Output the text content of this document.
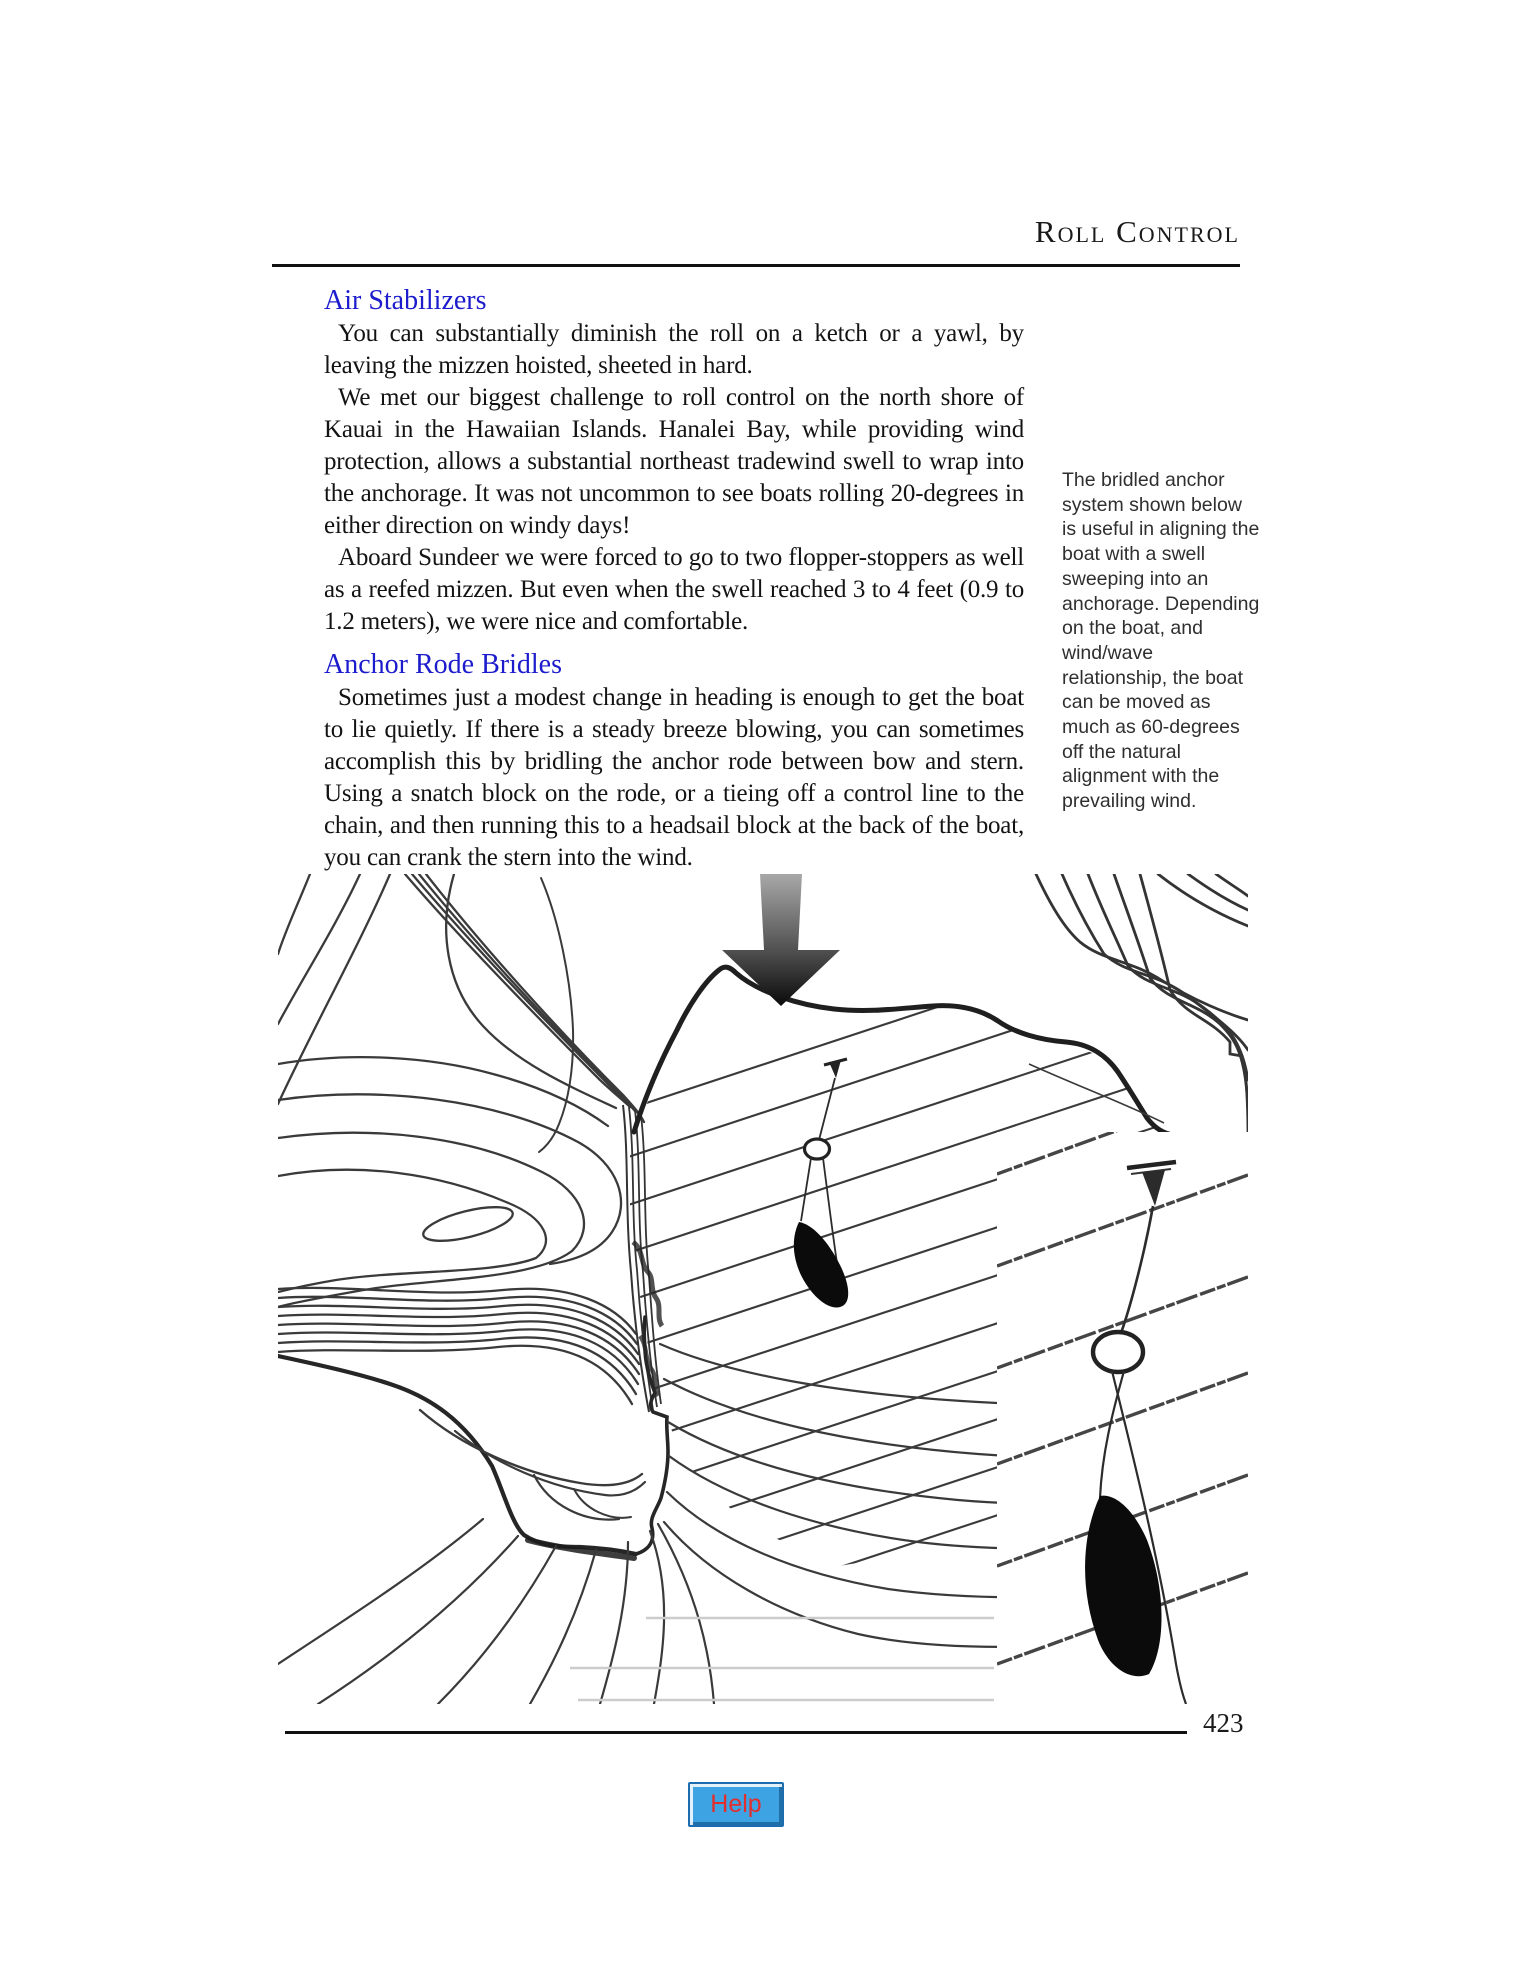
Roll Control
Air Stabilizers

You can substantially diminish the roll on a ketch or a yawl, by leaving the mizzen hoisted, sheeted in hard.

We met our biggest challenge to roll control on the north shore of Kauai in the Hawaiian Islands. Hanalei Bay, while providing wind protection, allows a substantial northeast tradewind swell to wrap into the anchorage. It was not uncommon to see boats rolling 20-degrees in either direction on windy days!

Aboard Sundeer we were forced to go to two flopper-stoppers as well as a reefed mizzen. But even when the swell reached 3 to 4 feet (0.9 to 1.2 meters), we were nice and comfortable.

Anchor Rode Bridles

Sometimes just a modest change in heading is enough to get the boat to lie quietly. If there is a steady breeze blowing, you can sometimes accomplish this by bridling the anchor rode between bow and stern. Using a snatch block on the rode, or a tieing off a control line to the chain, and then running this to a headsail block at the back of the boat, you can crank the stern into the wind.

The bridled anchor system shown below is useful in aligning the boat with a swell sweeping into an anchorage. Depending on the boat, and wind/wave relationship, the boat can be moved as much as 60-degrees off the natural alignment with the prevailing wind.
423
Help
